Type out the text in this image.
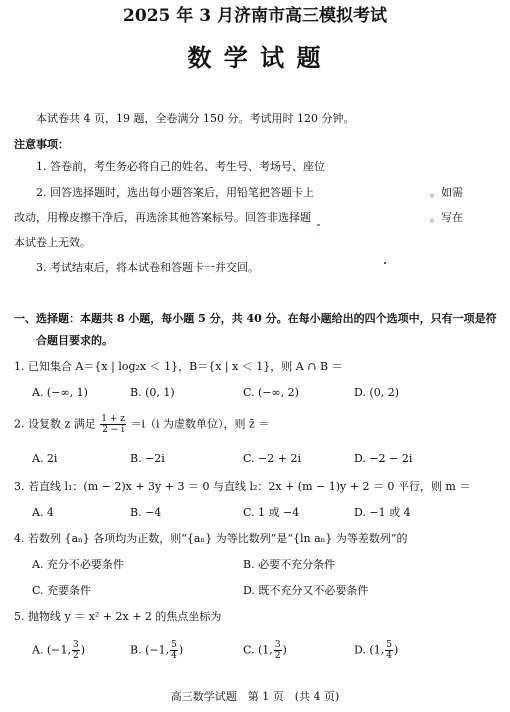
2025 年 3 月济南市高三模拟考试
数 学 试 题
本试卷共 4 页，19 题，全卷满分 150 分。考试用时 120 分钟。
注意事项：
1. 答卷前，考生务必将自己的姓名、考生号、考场号、座位
2. 回答选择题时，选出每小题答案后，用铅笔把答题卡上	。如需
改动，用橡皮擦干净后，再选涂其他答案标号。回答非选择题	。写在
本试卷上无效。
3. 考试结束后，将本试卷和答题卡一并交回。
一、选择题：本题共 8 小题，每小题 5 分，共 40 分。在每小题给出的四个选项中，只有一项是符
合题目要求的。
1. 已知集合 A＝{x | log₂x ＜ 1}，B＝{x | x ＜ 1}，则 A ∩ B ＝
A. (−∞, 1)	B. (0, 1)	C. (−∞, 2)	D. (0, 2)
2. 设复数 z 满足 $\frac{1 + z}{2 - i} =i(i$ 为虚数单位），则 z̄ ＝
A. 2i	B. −2i	C. −2 + 2i	D. −2 − 2i
3. 若直线 l₁：(m − 2)x + 3y + 3 ＝ 0 与直线 l₂：2x + (m − 1)y + 2 ＝ 0 平行，则 m ＝
A. 4	B. −4	C. 1 或 −4	D. −1 或 4
4. 若数列 {aₙ} 各项均为正数，则“{aₙ} 为等比数列”是“{ln aₙ} 为等差数列”的
A. 充分不必要条件	B. 必要不充分条件
C. 充要条件	D. 既不充分又不必要条件
5. 抛物线 y ＝ x² + 2x + 2 的焦点坐标为
A. (−1, $\frac{3}{2}$ )	B. (−1, $\frac{5}{4}$ )	C. (1, $\frac{3}{2}$ )	D. (1, $\frac{5}{4}$ )
高三数学试题　第 1 页　(共 4 页)
